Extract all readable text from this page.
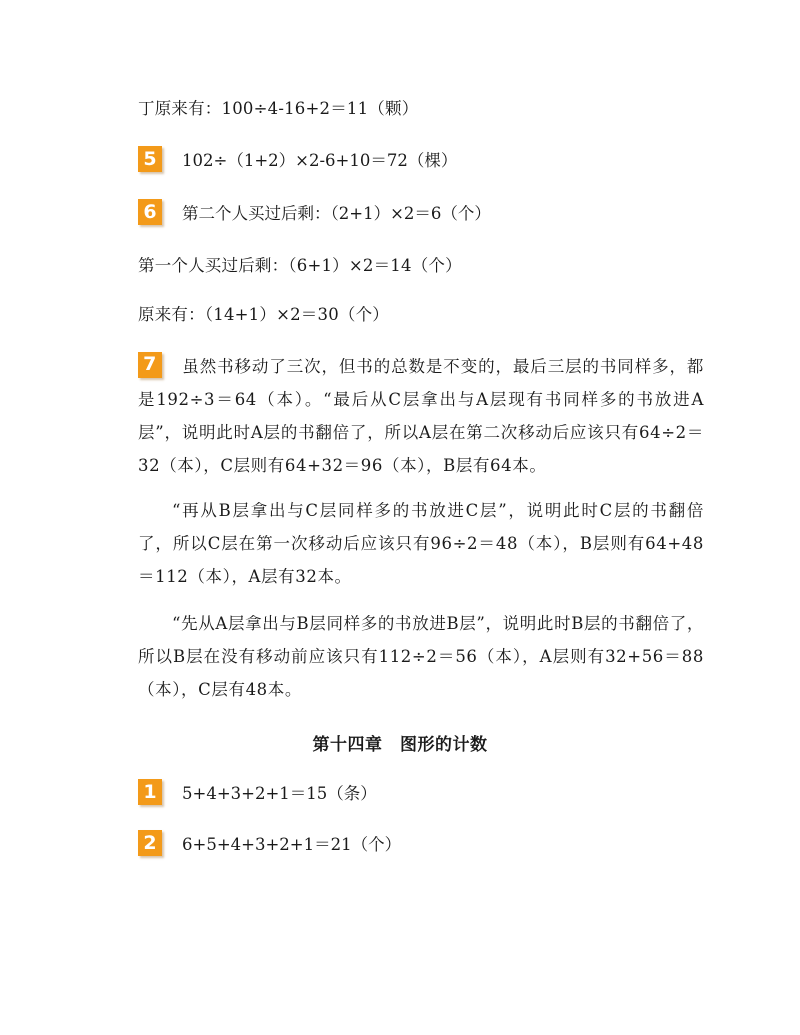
丁原来有：100÷4-16+2＝11（颗）
5	102÷（1+2）×2-6+10＝72（棵）
6	第二个人买过后剩：（2+1）×2＝6（个）
第一个人买过后剩：（6+1）×2＝14（个）
原来有：（14+1）×2＝30（个）
7 虽然书移动了三次，但书的总数是不变的，最后三层的书同样多，都是192÷3＝64（本）。“最后从C层拿出与A层现有书同样多的书放进A层”，说明此时A层的书翻倍了，所以A层在第二次移动后应该只有64÷2＝32（本），C层则有64+32＝96（本），B层有64本。
“再从B层拿出与C层同样多的书放进C层”，说明此时C层的书翻倍了，所以C层在第一次移动后应该只有96÷2＝48（本），B层则有64+48＝112（本），A层有32本。
“先从A层拿出与B层同样多的书放进B层”，说明此时B层的书翻倍了，所以B层在没有移动前应该只有112÷2＝56（本），A层则有32+56＝88（本），C层有48本。
第十四章　图形的计数
1	5+4+3+2+1＝15（条）
2	6+5+4+3+2+1＝21（个）
